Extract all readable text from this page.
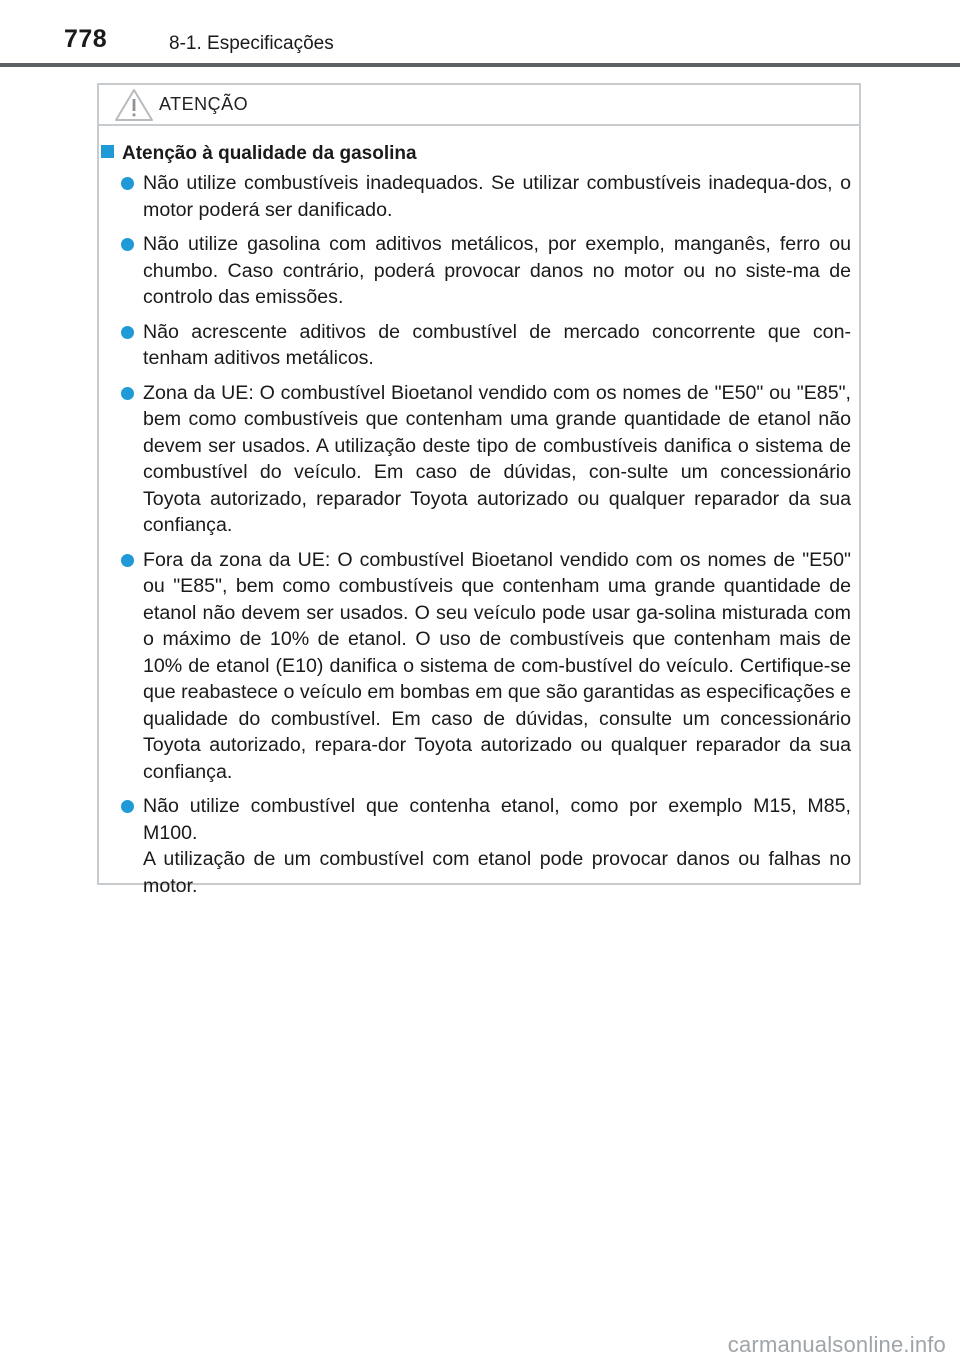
778	8-1. Especificações
ATENÇÃO
Atenção à qualidade da gasolina
Não utilize combustíveis inadequados. Se utilizar combustíveis inadequa-dos, o motor poderá ser danificado.
Não utilize gasolina com aditivos metálicos, por exemplo, manganês, ferro ou chumbo. Caso contrário, poderá provocar danos no motor ou no siste-ma de controlo das emissões.
Não acrescente aditivos de combustível de mercado concorrente que con-tenham aditivos metálicos.
Zona da UE: O combustível Bioetanol vendido com os nomes de "E50" ou "E85", bem como combustíveis que contenham uma grande quantidade de etanol não devem ser usados. A utilização deste tipo de combustíveis danifica o sistema de combustível do veículo. Em caso de dúvidas, con-sulte um concessionário Toyota autorizado, reparador Toyota autorizado ou qualquer reparador da sua confiança.
Fora da zona da UE: O combustível Bioetanol vendido com os nomes de "E50" ou "E85", bem como combustíveis que contenham uma grande quantidade de etanol não devem ser usados. O seu veículo pode usar ga-solina misturada com o máximo de 10% de etanol. O uso de combustíveis que contenham mais de 10% de etanol (E10) danifica o sistema de com-bustível do veículo. Certifique-se que reabastece o veículo em bombas em que são garantidas as especificações e qualidade do combustível. Em caso de dúvidas, consulte um concessionário Toyota autorizado, repara-dor Toyota autorizado ou qualquer reparador da sua confiança.
Não utilize combustível que contenha etanol, como por exemplo M15, M85, M100.
A utilização de um combustível com etanol pode provocar danos ou falhas no motor.
carmanualsonline.info
